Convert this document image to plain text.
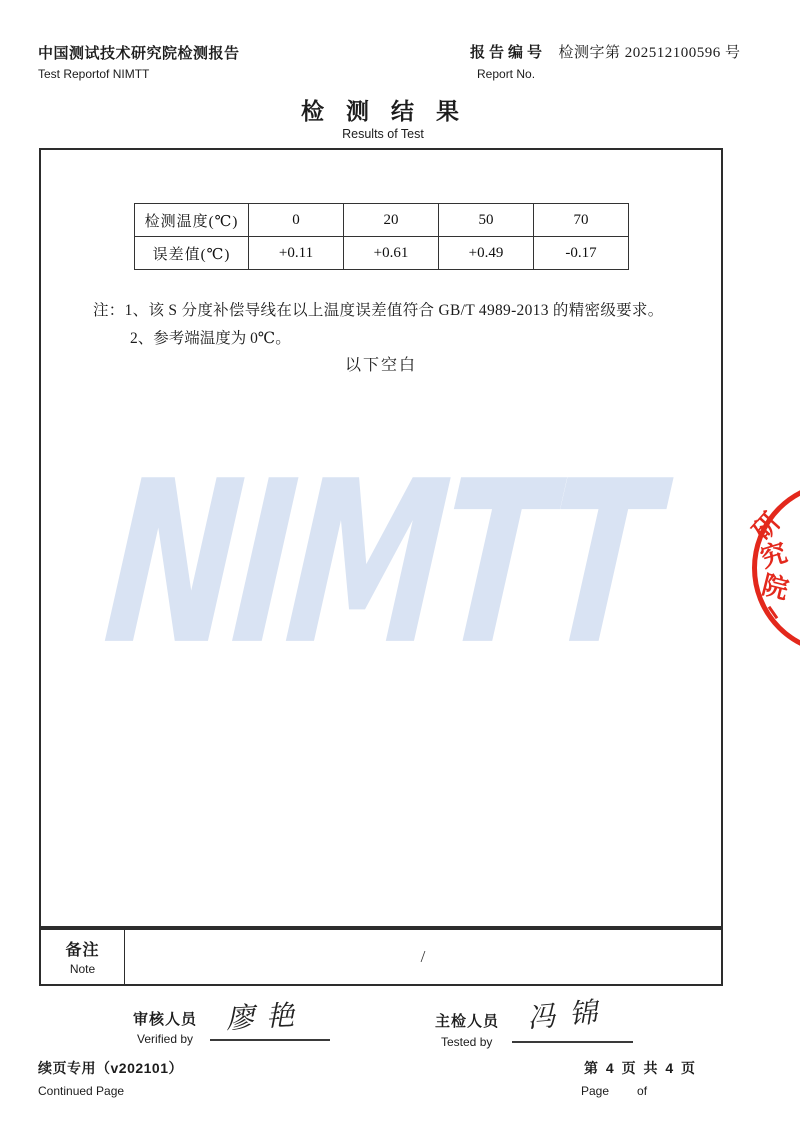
中国测试技术研究院检测报告
Test Reportof NIMTT
报告编号 检测字第 202512100596 号
Report No.
检测结果
Results of Test
NIMTT
检测温度(℃)	0	20	50	70
误差值(℃)	+0.11	+0.61	+0.49	-0.17
注：1、该 S 分度补偿导线在以上温度误差值符合 GB/T 4989-2013 的精密级要求。
2、参考端温度为 0℃。
以下空白
研
究
院
备注
Note
/
审核人员
Verified by
廖艳	主检人员
Tested by
冯锦
续页专用（v202101）
Continued Page
第 4 页 共 4 页
Page of
